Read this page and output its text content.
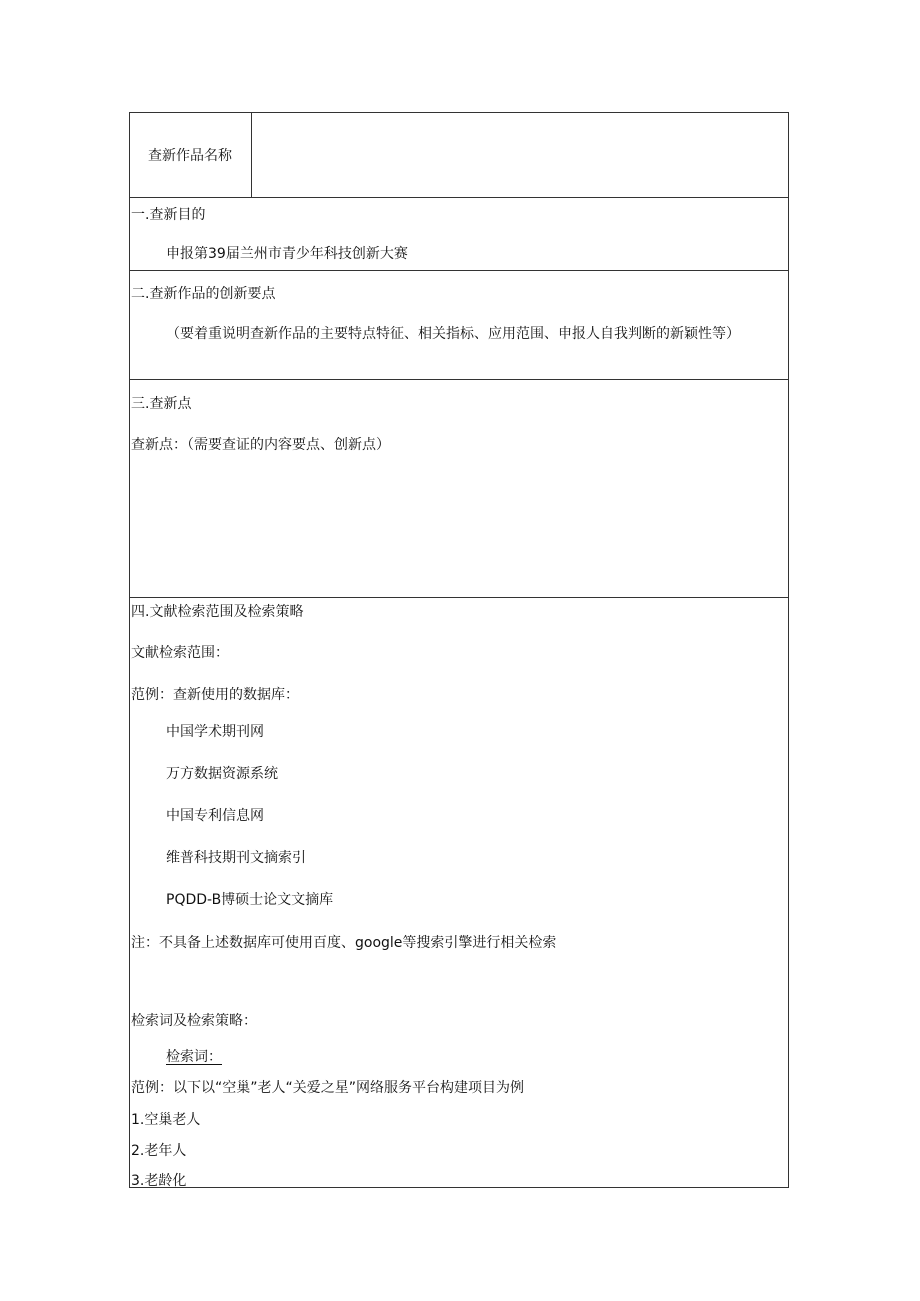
查新作品名称
一.查新目的
申报第39届兰州市青少年科技创新大赛
二.查新作品的创新要点
（要着重说明查新作品的主要特点特征、相关指标、应用范围、申报人自我判断的新颖性等）
三.查新点
查新点：（需要查证的内容要点、创新点）
四.文献检索范围及检索策略
文献检索范围：
范例：查新使用的数据库：
中国学术期刊网
万方数据资源系统
中国专利信息网
维普科技期刊文摘索引
PQDD-B博硕士论文文摘库
注：不具备上述数据库可使用百度、google等搜索引擎进行相关检索
检索词及检索策略：
检索词：
范例：以下以“空巢”老人“关爱之星”网络服务平台构建项目为例
1.空巢老人
2.老年人
3.老龄化
